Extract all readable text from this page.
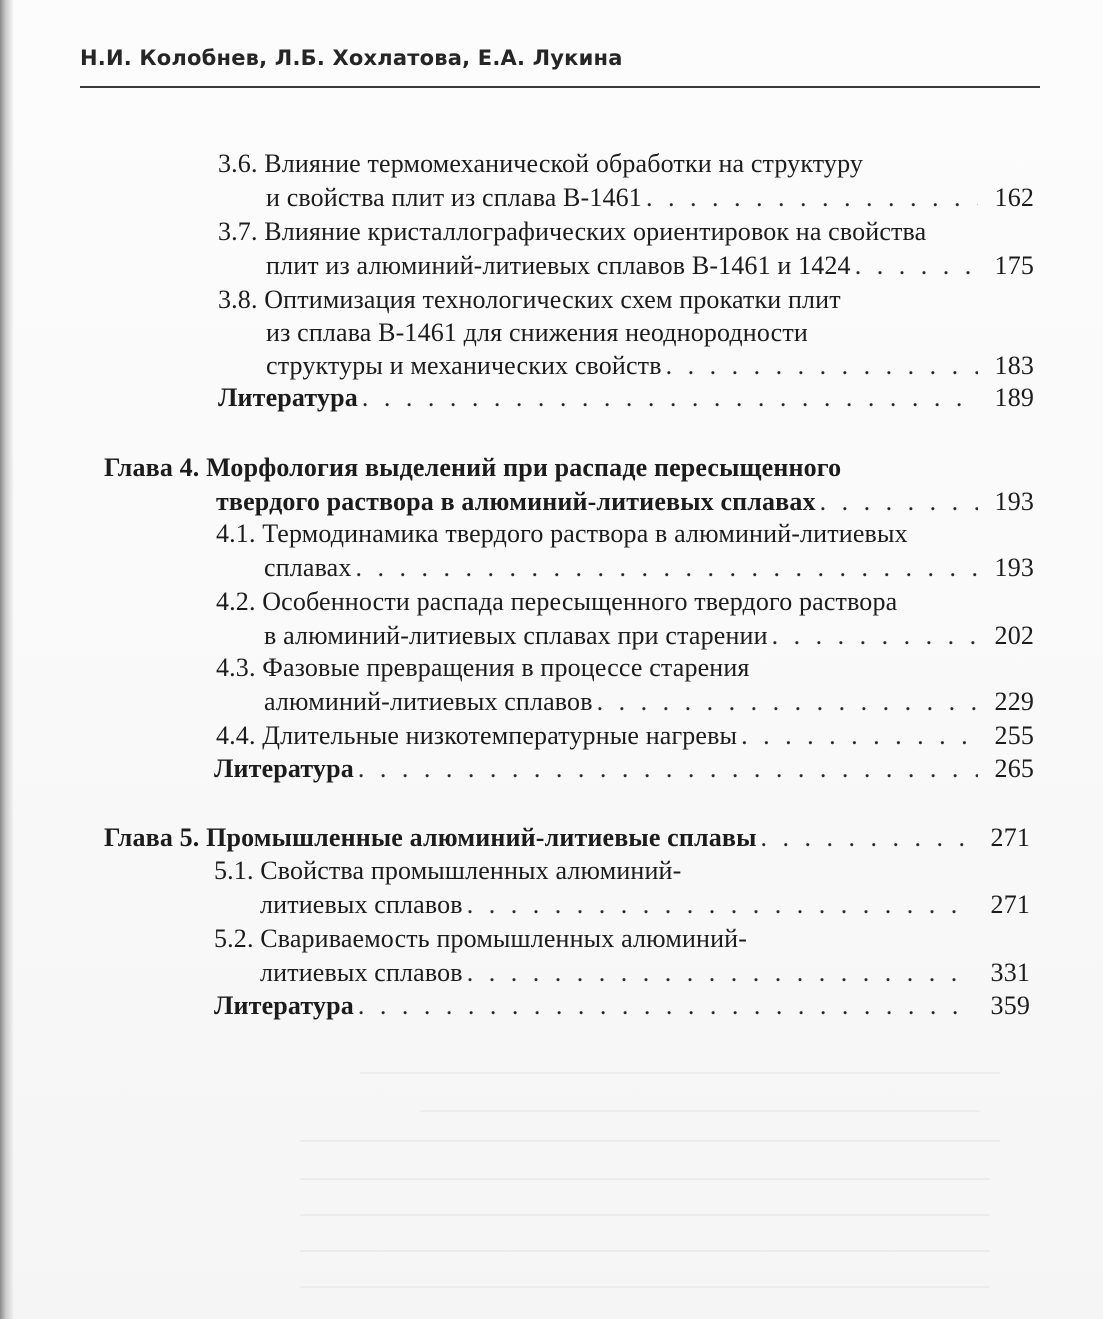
Н.И. Колобнев, Л.Б. Хохлатова, Е.А. Лукина
3.6. Влияние термомеханической обработки на структуру
и свойства плит из сплава В-1461 . . .	162
3.7. Влияние кристаллографических ориентировок на свойства
плит из алюминий-литиевых сплавов В-1461 и 1424 . . .	175
3.8. Оптимизация технологических схем прокатки плит
из сплава В-1461 для снижения неоднородности
структуры и механических свойств . . .	183
Литература . . .	189
Глава 4. Морфология выделений при распаде пересыщенного
твердого раствора в алюминий-литиевых сплавах . . .	193
4.1. Термодинамика твердого раствора в алюминий-литиевых
сплавах . . .	193
4.2. Особенности распада пересыщенного твердого раствора
в алюминий-литиевых сплавах при старении . . .	202
4.3. Фазовые превращения в процессе старения
алюминий-литиевых сплавов . . .	229
4.4. Длительные низкотемпературные нагревы . . .	255
Литература . . .	265
Глава 5. Промышленные алюминий-литиевые сплавы . . .	271
5.1. Свойства промышленных алюминий-
литиевых сплавов . . .	271
5.2. Свариваемость промышленных алюминий-
литиевых сплавов . . .	331
Литература . . .	359
